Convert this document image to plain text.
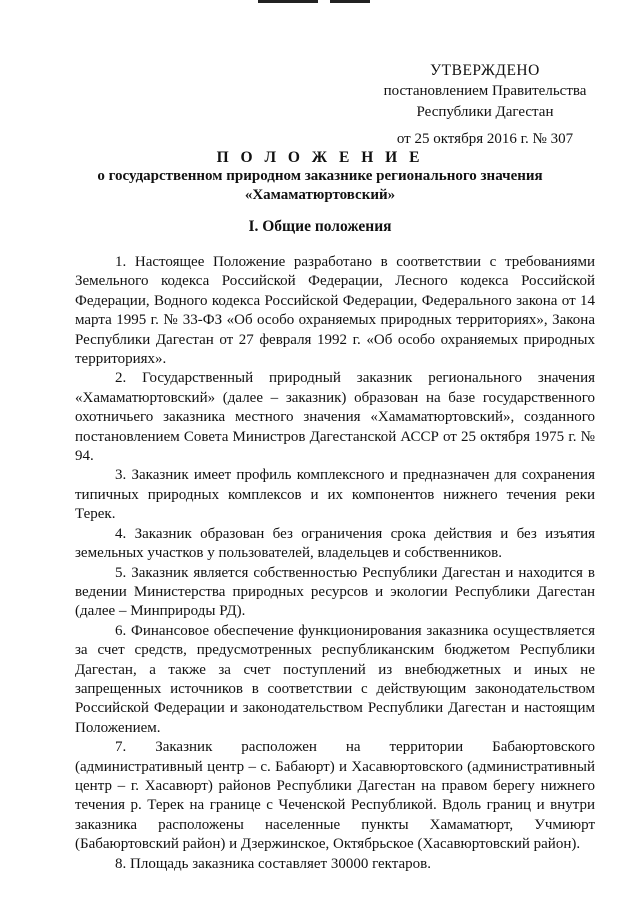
УТВЕРЖДЕНО
постановлением Правительства
Республики Дагестан
от 25 октября 2016 г. № 307
П О Л О Ж Е Н И Е
о государственном природном заказнике регионального значения
«Хамаматюртовский»
I. Общие положения

1. Настоящее Положение разработано в соответствии с требованиями Земельного кодекса Российской Федерации, Лесного кодекса Российской Федерации, Водного кодекса Российской Федерации, Федерального закона от 14 марта 1995 г. № 33-ФЗ «Об особо охраняемых природных территориях», Закона Республики Дагестан от 27 февраля 1992 г. «Об особо охраняемых природных территориях».

2. Государственный природный заказник регионального значения «Хамаматюртовский» (далее – заказник) образован на базе государственного охотничьего заказника местного значения «Хамаматюртовский», созданного постановлением Совета Министров Дагестанской АССР от 25 октября 1975 г. № 94.

3. Заказник имеет профиль комплексного и предназначен для сохранения типичных природных комплексов и их компонентов нижнего течения реки Терек.

4. Заказник образован без ограничения срока действия и без изъятия земельных участков у пользователей, владельцев и собственников.

5. Заказник является собственностью Республики Дагестан и находится в ведении Министерства природных ресурсов и экологии Республики Дагестан (далее – Минприроды РД).

6. Финансовое обеспечение функционирования заказника осуществляется за счет средств, предусмотренных республиканским бюджетом Республики Дагестан, а также за счет поступлений из внебюджетных и иных не запрещенных источников в соответствии с действующим законодательством Российской Федерации и законодательством Республики Дагестан и настоящим Положением.

7. Заказник расположен на территории Бабаюртовского (административный центр – с. Бабаюрт) и Хасавюртовского (административный центр – г. Хасавюрт) районов Республики Дагестан на правом берегу нижнего течения р. Терек на границе с Чеченской Республикой. Вдоль границ и внутри заказника расположены населенные пункты Хамаматюрт, Учмиюрт (Бабаюртовский район) и Дзержинское, Октябрьское (Хасавюртовский район).

8. Площадь заказника составляет 30000 гектаров.
